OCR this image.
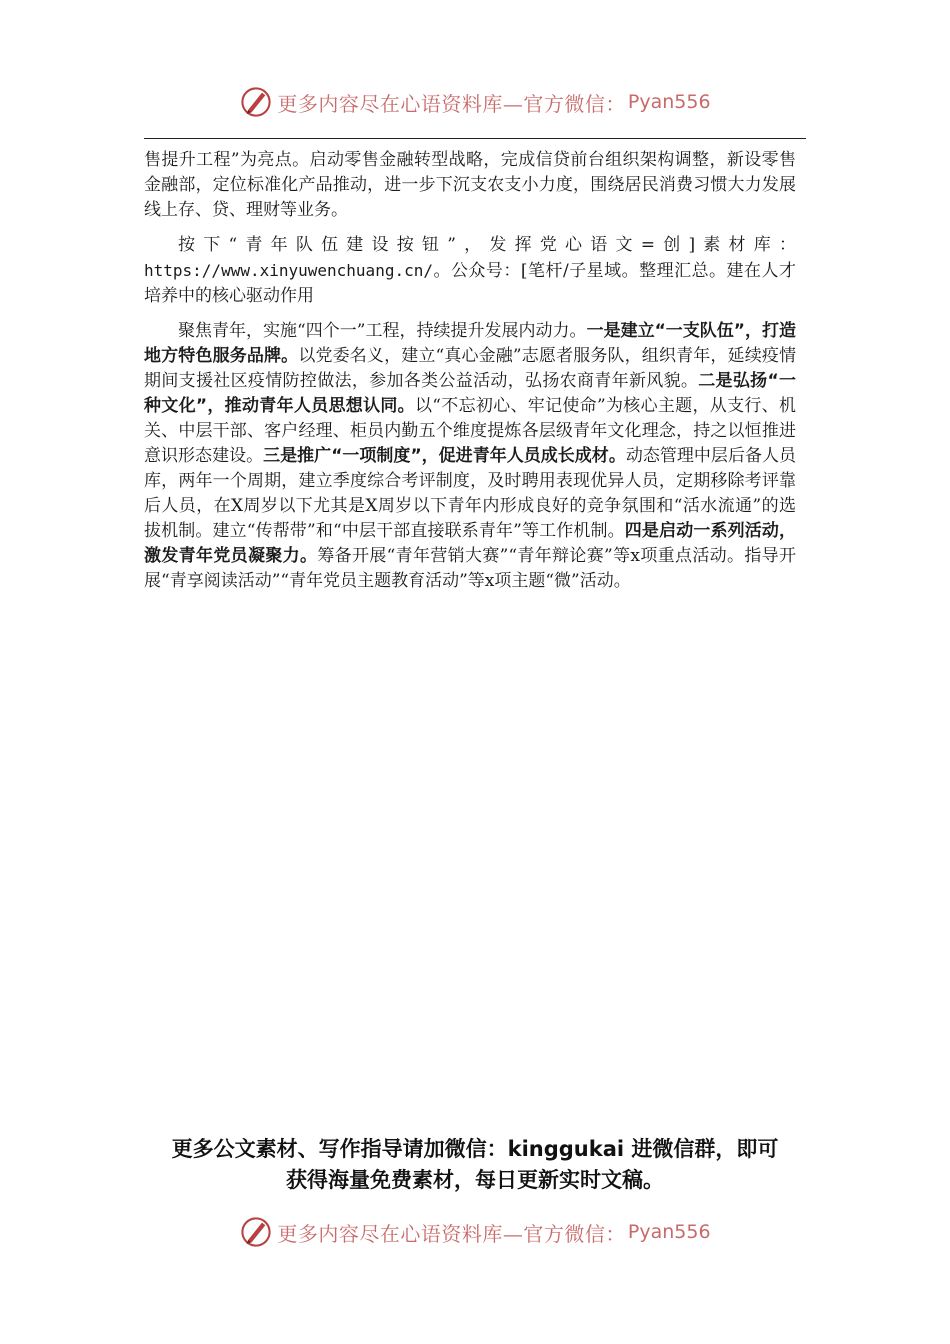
更多内容尽在心语资料库—官方微信： Pyan556

售提升工程”为亮点。启动零售金融转型战略，完成信贷前台组织架构调整，新设零售金融部，定位标准化产品推动，进一步下沉支农支小力度，围绕居民消费习惯大力发展线上存、贷、理财等业务。

按下“青年队伍建设按钮”，发挥党心语文=创]素材库：https://www.xinyuwenchuang.cn/。公众号：[笔杆/子星域。整理汇总。建在人才培养中的核心驱动作用

聚焦青年，实施“四个一”工程，持续提升发展内动力。一是建立“一支队伍”，打造地方特色服务品牌。以党委名义，建立“真心金融”志愿者服务队，组织青年，延续疫情期间支援社区疫情防控做法，参加各类公益活动，弘扬农商青年新风貌。二是弘扬“一种文化”，推动青年人员思想认同。以“不忘初心、牢记使命”为核心主题，从支行、机关、中层干部、客户经理、柜员内勤五个维度提炼各层级青年文化理念，持之以恒推进意识形态建设。三是推广“一项制度”，促进青年人员成长成材。动态管理中层后备人员库，两年一个周期，建立季度综合考评制度，及时聘用表现优异人员，定期移除考评靠后人员，在X周岁以下尤其是X周岁以下青年内形成良好的竞争氛围和“活水流通”的选拔机制。建立“传帮带”和“中层干部直接联系青年”等工作机制。四是启动一系列活动，激发青年党员凝聚力。筹备开展“青年营销大赛”“青年辩论赛”等x项重点活动。指导开展“青享阅读活动”“青年党员主题教育活动”等x项主题“微”活动。

更多公文素材、写作指导请加微信：kinggukai 进微信群，即可
获得海量免费素材，每日更新实时文稿。
更多内容尽在心语资料库—官方微信： Pyan556
